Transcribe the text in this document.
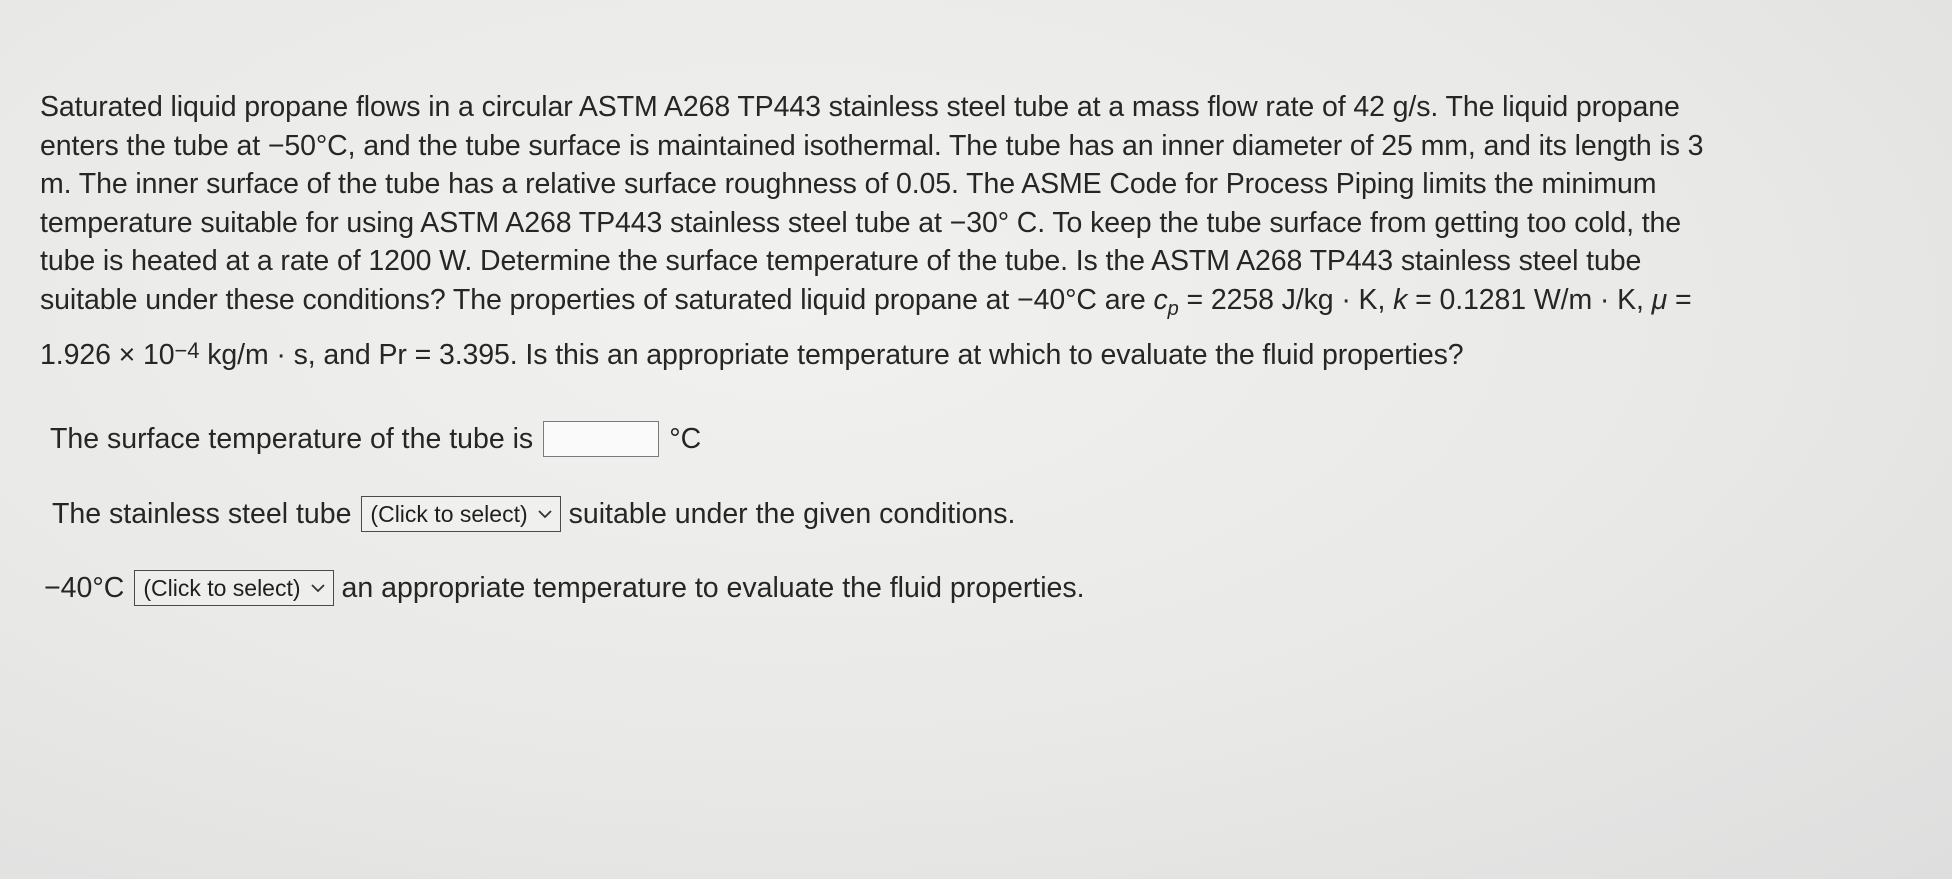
Saturated liquid propane flows in a circular ASTM A268 TP443 stainless steel tube at a mass flow rate of 42 g/s. The liquid propane
enters the tube at −50°C, and the tube surface is maintained isothermal. The tube has an inner diameter of 25 mm, and its length is 3
m. The inner surface of the tube has a relative surface roughness of 0.05. The ASME Code for Process Piping limits the minimum
temperature suitable for using ASTM A268 TP443 stainless steel tube at −30° C. To keep the tube surface from getting too cold, the
tube is heated at a rate of 1200 W. Determine the surface temperature of the tube. Is the ASTM A268 TP443 stainless steel tube
suitable under these conditions? The properties of saturated liquid propane at −40°C are $c_p = 2258$ J/kg · K, k = 0.1281 W/m · K, μ =
$1.926 \times 10^{-4}$ kg/m · s, and Pr = 3.395. Is this an appropriate temperature at which to evaluate the fluid properties?
The surface temperature of the tube is	°C
The stainless steel tube (Click to select) suitable under the given conditions.
−40°C (Click to select) an appropriate temperature to evaluate the fluid properties.
